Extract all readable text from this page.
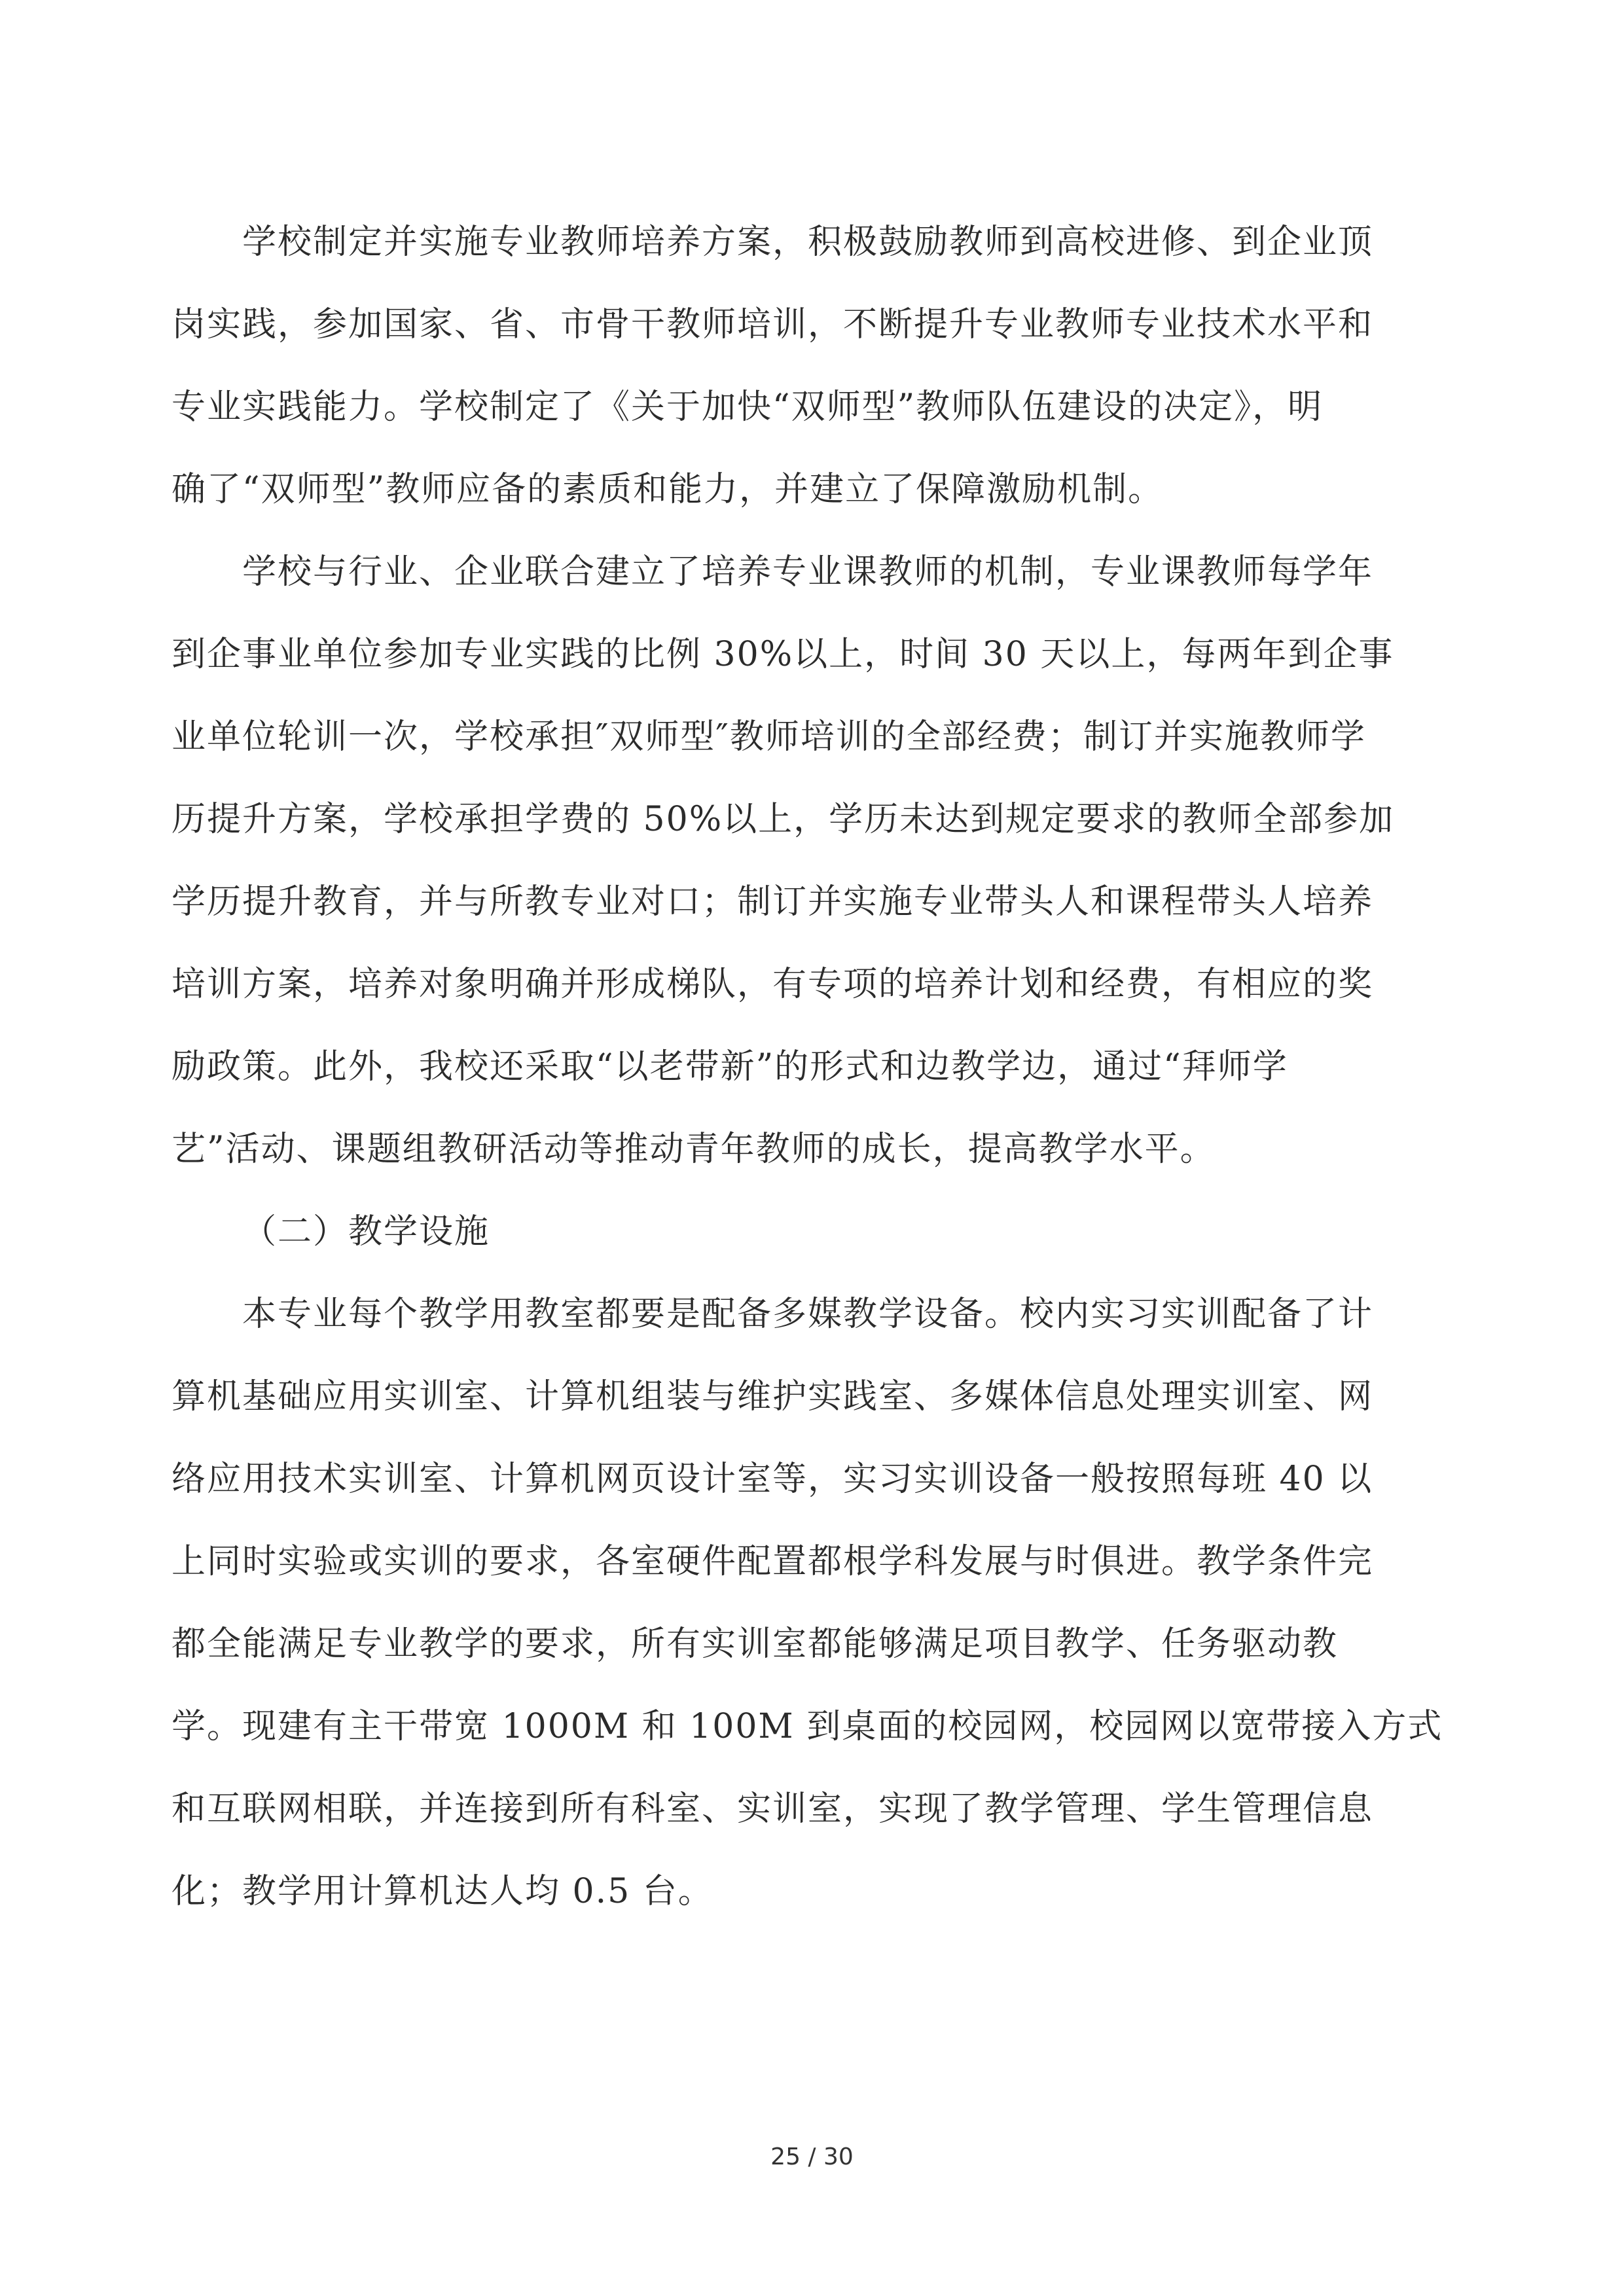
学校制定并实施专业教师培养方案，积极鼓励教师到高校进修、到企业顶
岗实践，参加国家、省、市骨干教师培训，不断提升专业教师专业技术水平和
专业实践能力。学校制定了《关于加快“双师型”教师队伍建设的决定》，明
确了“双师型”教师应备的素质和能力，并建立了保障激励机制。
学校与行业、企业联合建立了培养专业课教师的机制，专业课教师每学年
到企事业单位参加专业实践的比例 30%以上，时间 30 天以上，每两年到企事
业单位轮训一次，学校承担″双师型″教师培训的全部经费；制订并实施教师学
历提升方案，学校承担学费的 50%以上，学历未达到规定要求的教师全部参加
学历提升教育，并与所教专业对口；制订并实施专业带头人和课程带头人培养
培训方案，培养对象明确并形成梯队，有专项的培养计划和经费，有相应的奖
励政策。此外，我校还采取“以老带新”的形式和边教学边，通过“拜师学
艺”活动、课题组教研活动等推动青年教师的成长，提高教学水平。
（二）教学设施
本专业每个教学用教室都要是配备多媒教学设备。校内实习实训配备了计
算机基础应用实训室、计算机组装与维护实践室、多媒体信息处理实训室、网
络应用技术实训室、计算机网页设计室等，实习实训设备一般按照每班 40 以
上同时实验或实训的要求，各室硬件配置都根学科发展与时俱进。教学条件完
都全能满足专业教学的要求，所有实训室都能够满足项目教学、任务驱动教
学。现建有主干带宽 1000M 和 100M 到桌面的校园网，校园网以宽带接入方式
和互联网相联，并连接到所有科室、实训室，实现了教学管理、学生管理信息
化；教学用计算机达人均 0.5 台。
25 / 30
